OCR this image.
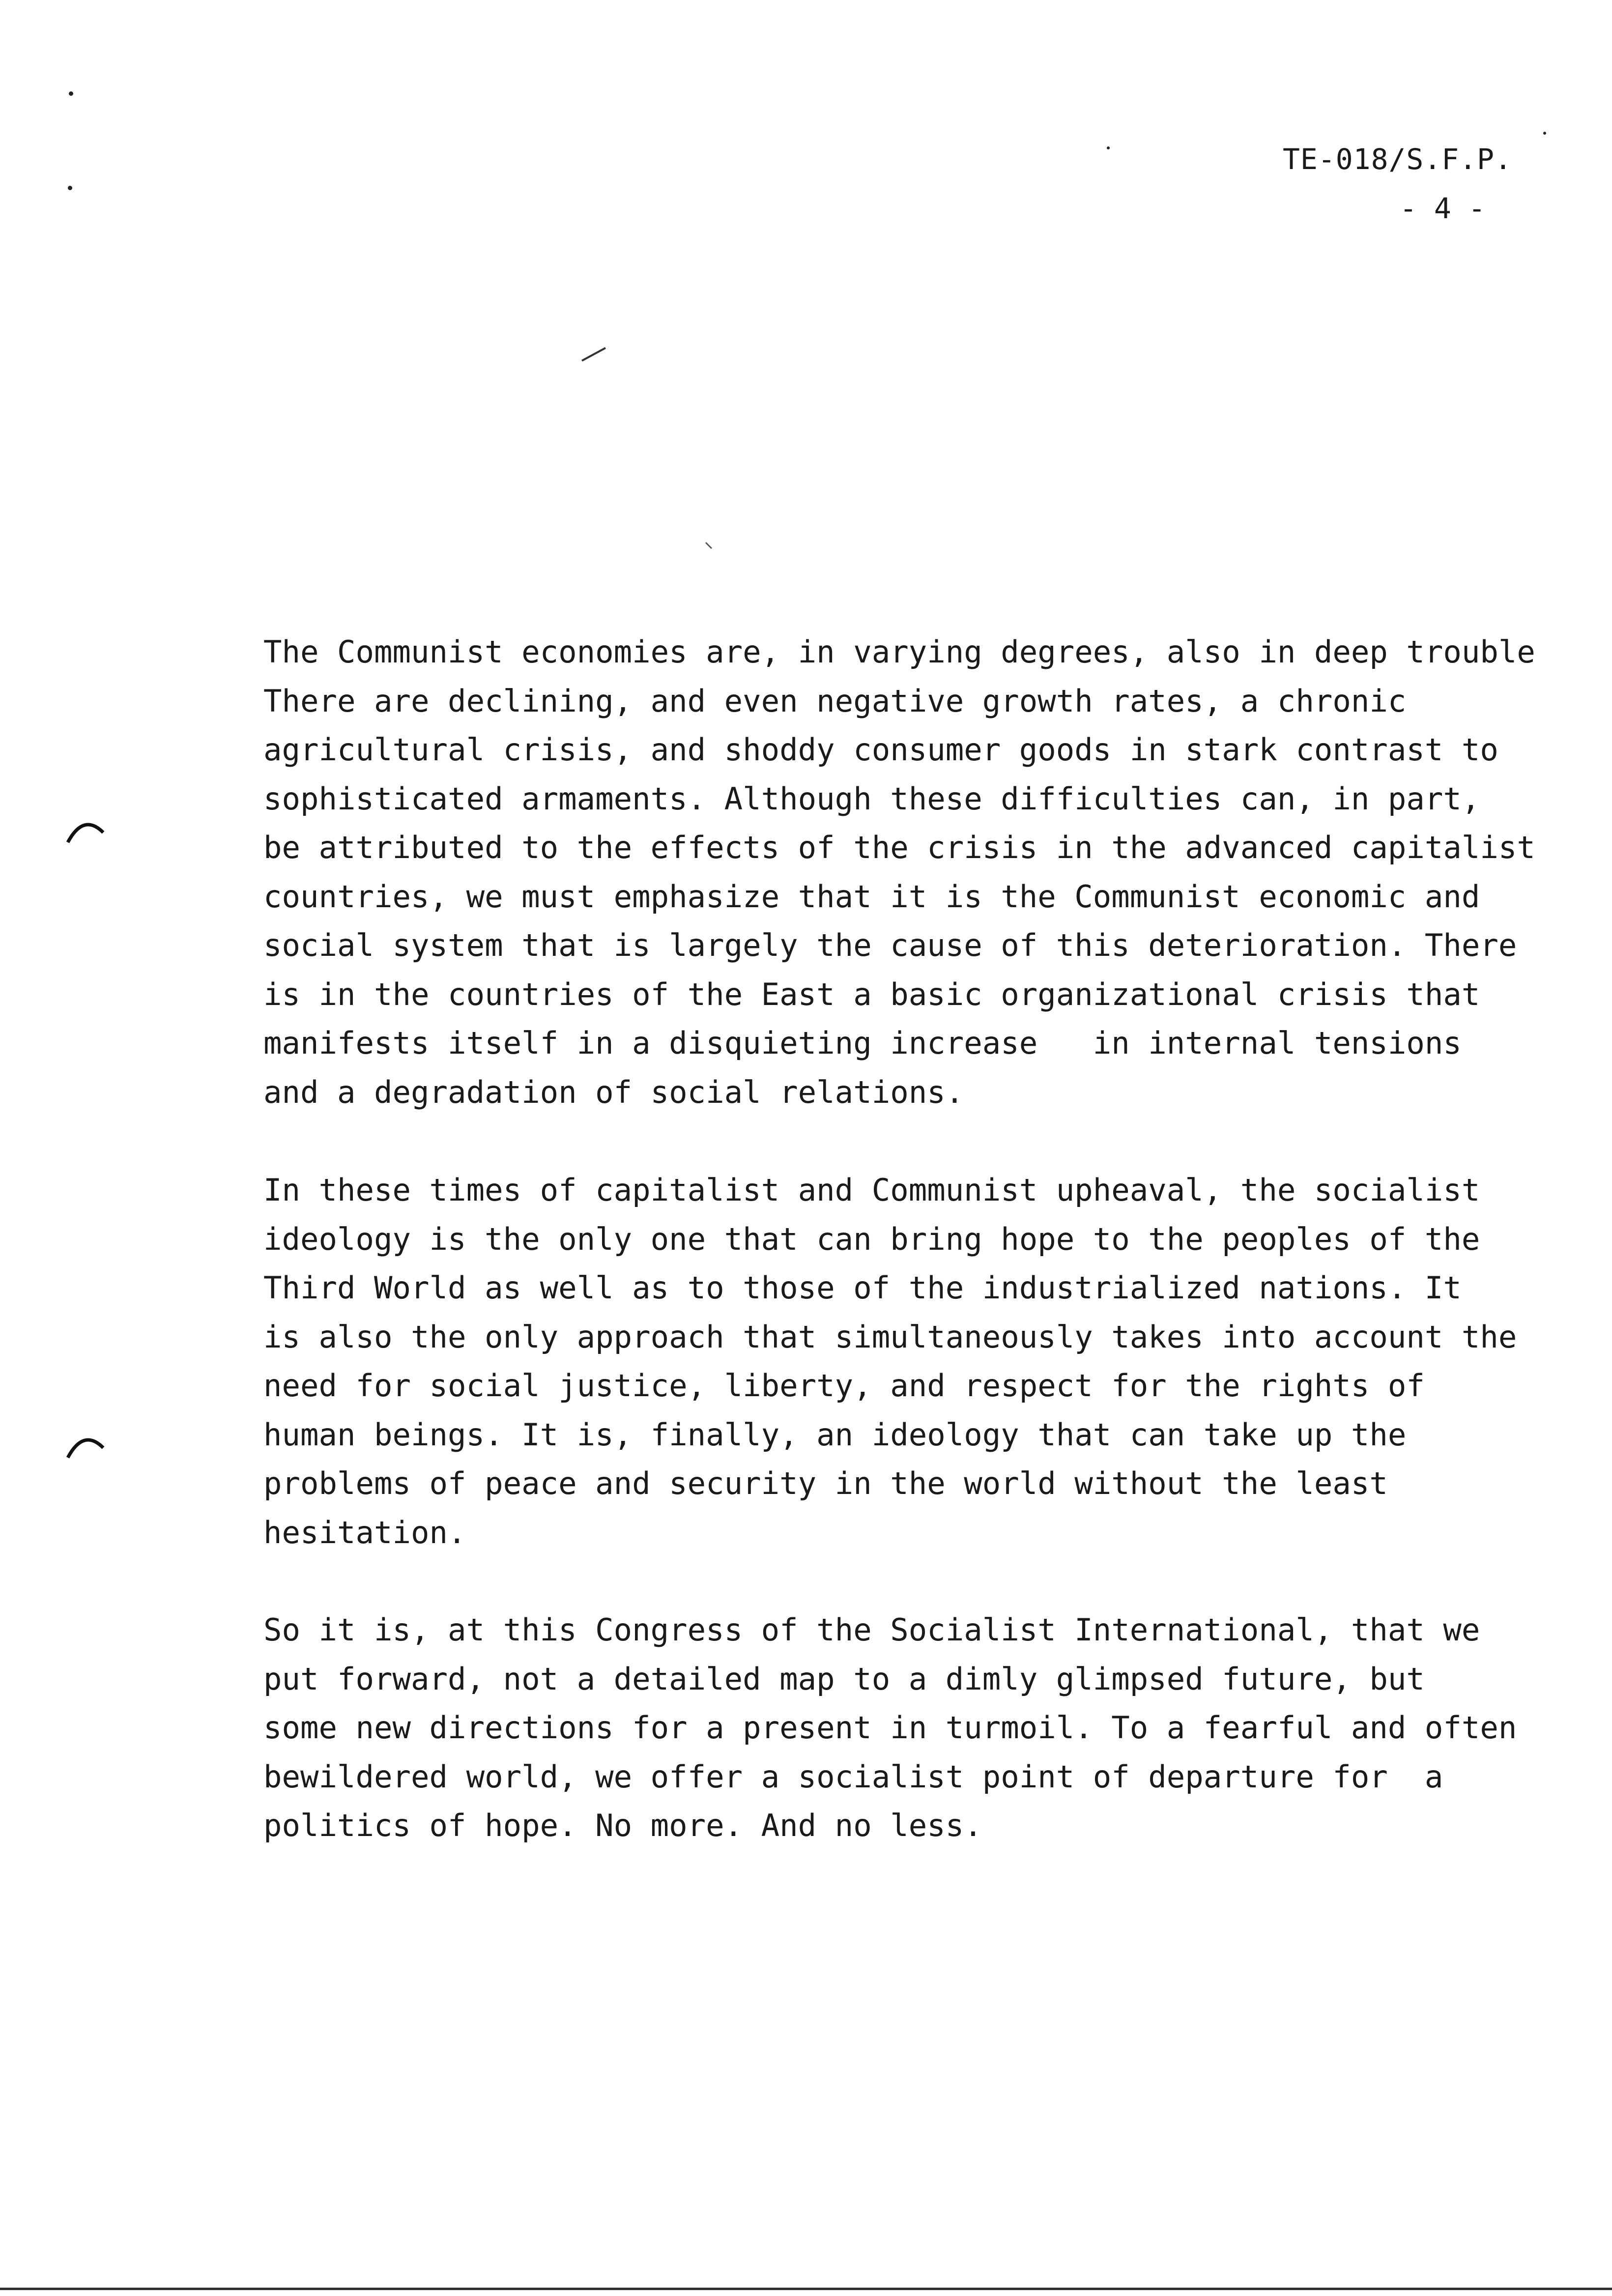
TE-018/S.F.P.
- 4 -
The Communist economies are, in varying degrees, also in deep trouble
There are declining, and even negative growth rates, a chronic
agricultural crisis, and shoddy consumer goods in stark contrast to
sophisticated armaments. Although these difficulties can, in part,
be attributed to the effects of the crisis in the advanced capitalist
countries, we must emphasize that it is the Communist economic and
social system that is largely the cause of this deterioration. There
is in the countries of the East a basic organizational crisis that
manifests itself in a disquieting increase   in internal tensions
and a degradation of social relations.
In these times of capitalist and Communist upheaval, the socialist
ideology is the only one that can bring hope to the peoples of the
Third World as well as to those of the industrialized nations. It
is also the only approach that simultaneously takes into account the
need for social justice, liberty, and respect for the rights of
human beings. It is, finally, an ideology that can take up the
problems of peace and security in the world without the least
hesitation.
So it is, at this Congress of the Socialist International, that we
put forward, not a detailed map to a dimly glimpsed future, but
some new directions for a present in turmoil. To a fearful and often
bewildered world, we offer a socialist point of departure for  a
politics of hope. No more. And no less.
